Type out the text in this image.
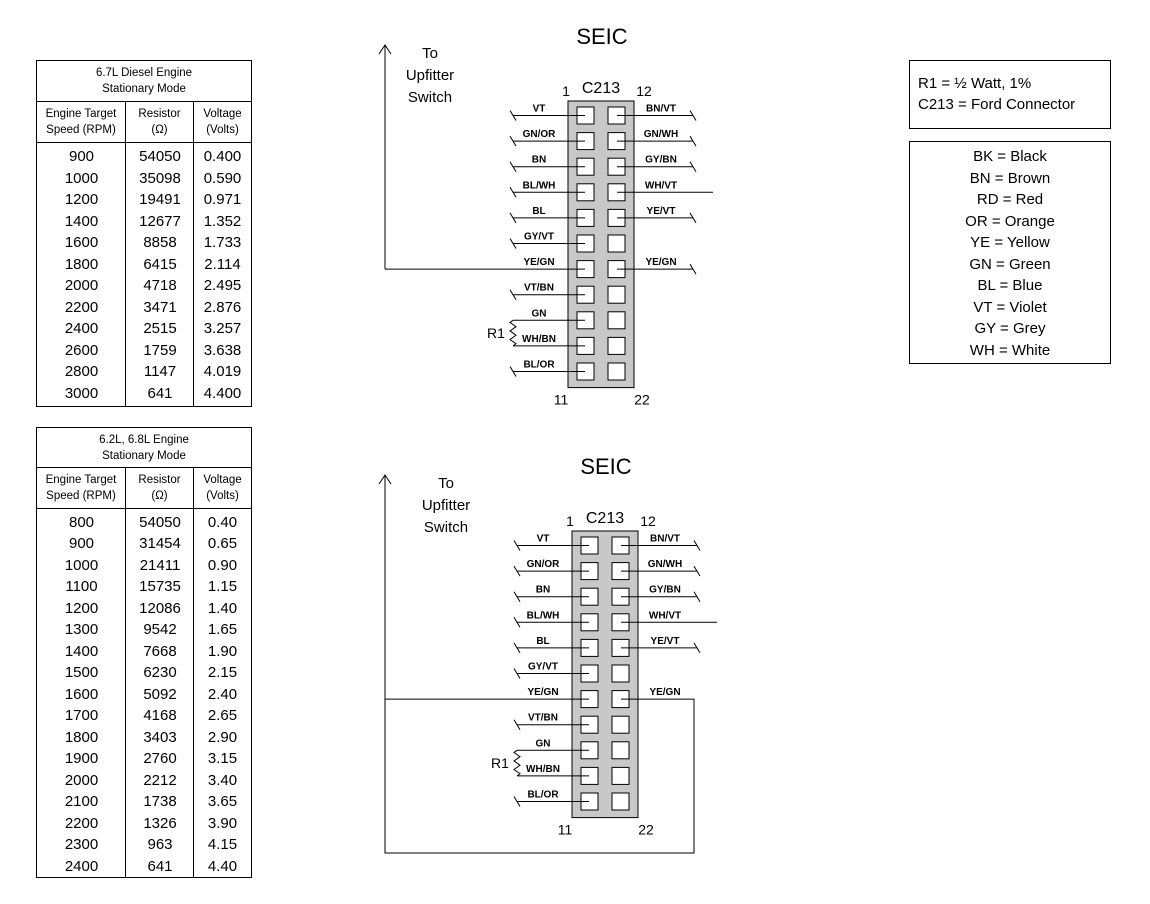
6.7L Diesel Engine
Stationary Mode
Engine Target
Speed (RPM)
Resistor
(Ω)
Voltage
(Volts)
900	54050	0.400
1000	35098	0.590
1200	19491	0.971
1400	12677	1.352
1600	8858	1.733
1800	6415	2.114
2000	4718	2.495
2200	3471	2.876
2400	2515	3.257
2600	1759	3.638
2800	1147	4.019
3000	641	4.400
6.2L, 6.8L Engine
Stationary Mode
Engine Target
Speed (RPM)
Resistor
(Ω)
Voltage
(Volts)
800	54050	0.40
900	31454	0.65
1000	21411	0.90
1100	15735	1.15
1200	12086	1.40
1300	9542	1.65
1400	7668	1.90
1500	6230	2.15
1600	5092	2.40
1700	4168	2.65
1800	3403	2.90
1900	2760	3.15
2000	2212	3.40
2100	1738	3.65
2200	1326	3.90
2300	963	4.15
2400	641	4.40
R1 = ½ Watt, 1%
C213 = Ford Connector
BK = Black
BN = Brown
RD = Red
OR = Orange
YE = Yellow
GN = Green
BL = Blue
VT = Violet
GY = Grey
WH = White
SEIC
C213
1	12
11	22
VT	BN/VT
GN/OR	GN/WH
BN	GY/BN
BL/WH	WH/VT
BL	YE/VT
GY/VT
YE/GN	YE/GN
VT/BN
GN
WH/BN
BL/OR
To
Upfitter
Switch
R1
SEIC
C213
1	12
11	22
VT	BN/VT
GN/OR	GN/WH
BN	GY/BN
BL/WH	WH/VT
BL	YE/VT
GY/VT
YE/GN	YE/GN
VT/BN
GN
WH/BN
BL/OR
To
Upfitter
Switch
R1
